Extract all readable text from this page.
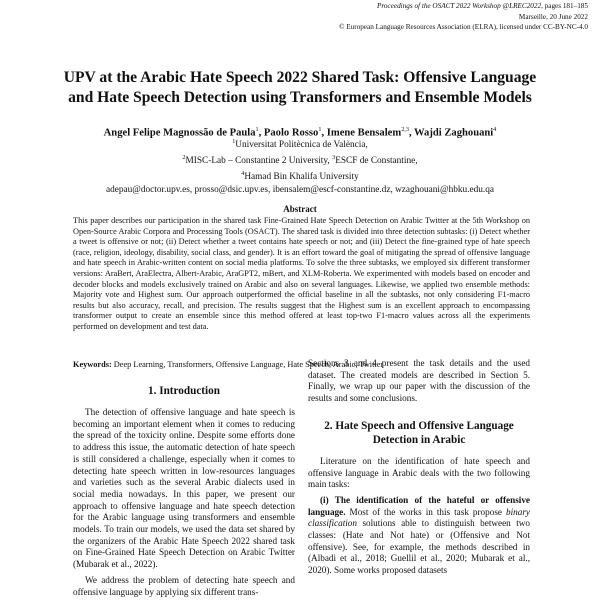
Proceedings of the OSACT 2022 Workshop @LREC2022, pages 181–185
Marseille, 20 June 2022
© European Language Resources Association (ELRA), licensed under CC-BY-NC-4.0
UPV at the Arabic Hate Speech 2022 Shared Task: Offensive Language
and Hate Speech Detection using Transformers and Ensemble Models
Angel Felipe Magnossão de Paula$^1$, Paolo Rosso$^1$, Imene Bensalem$^{2,3}$, Wajdi Zaghouani$^4$
$^1$Universitat Politècnica de València,
$^2$MISC-Lab – Constantine 2 University, $^3$ESCF de Constantine,
$^4$Hamad Bin Khalifa University
adepau@doctor.upv.es, prosso@dsic.upv.es, ibensalem@escf-constantine.dz, wzaghouani@hbku.edu.qa
Abstract
This paper describes our participation in the shared task Fine-Grained Hate Speech Detection on Arabic Twitter at the 5th Workshop on Open-Source Arabic Corpora and Processing Tools (OSACT). The shared task is divided into three detection subtasks: (i) Detect whether a tweet is offensive or not; (ii) Detect whether a tweet contains hate speech or not; and (iii) Detect the fine-grained type of hate speech (race, religion, ideology, disability, social class, and gender). It is an effort toward the goal of mitigating the spread of offensive language and hate speech in Arabic-written content on social media platforms. To solve the three subtasks, we employed six different transformer versions: AraBert, AraElectra, Albert-Arabic, AraGPT2, mBert, and XLM-Roberta. We experimented with models based on encoder and decoder blocks and models exclusively trained on Arabic and also on several languages. Likewise, we applied two ensemble methods: Majority vote and Highest sum. Our approach outperformed the official baseline in all the subtasks, not only considering F1-macro results but also accuracy, recall, and precision. The results suggest that the Highest sum is an excellent approach to encompassing transformer output to create an ensemble since this method offered at least top-two F1-macro values across all the experiments performed on development and test data.
Keywords: Deep Learning, Transformers, Offensive Language, Hate Speech, Arabic, Twitter
1. Introduction

The detection of offensive language and hate speech is becoming an important element when it comes to reducing the spread of the toxicity online. Despite some efforts done to address this issue, the automatic detection of hate speech is still considered a challenge, especially when it comes to detecting hate speech written in low-resources languages and varieties such as the several Arabic dialects used in social media nowadays. In this paper, we present our approach to offensive language and hate speech detection for the Arabic language using transformers and ensemble models. To train our models, we used the data set shared by the organizers of the Arabic Hate Speech 2022 shared task on Fine-Grained Hate Speech Detection on Arabic Twitter (Mubarak et al., 2022).

We address the problem of detecting hate speech and offensive language by applying six different trans-

Sections 3 and 4 present the task details and the used dataset. The created models are described in Section 5. Finally, we wrap up our paper with the discussion of the results and some conclusions.

2. Hate Speech and Offensive Language Detection in Arabic

Literature on the identification of hate speech and offensive language in Arabic deals with the two following main tasks:

(i) The identification of the hateful or offensive language. Most of the works in this task propose binary classification solutions able to distinguish between two classes: (Hate and Not hate) or (Offensive and Not offensive). See, for example, the methods described in (Albadi et al., 2018; Guellil et al., 2020; Mubarak et al., 2020). Some works proposed datasets
